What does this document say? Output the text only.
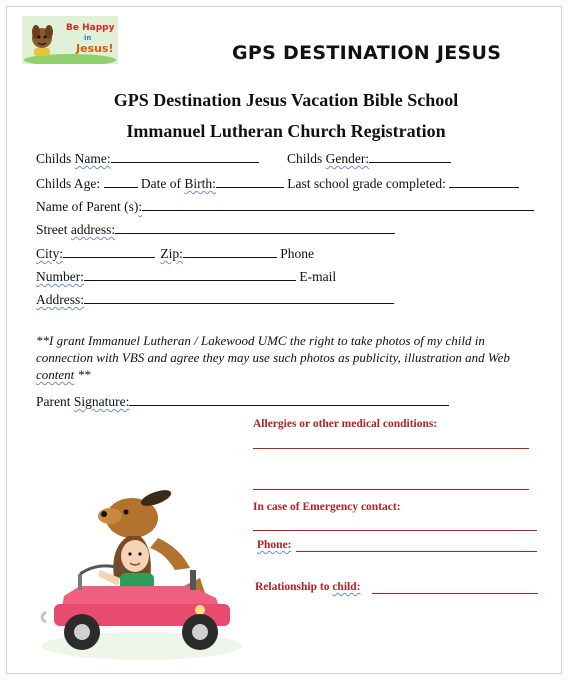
Be Happy
in
Jesus!	GPS DESTINATION JESUS
GPS Destination Jesus Vacation Bible School
Immanuel Lutheran Church Registration
Childs Name:	Childs Gender:
Childs Age:	Date of Birth:	Last school grade completed:
Name of Parent (s):
Street address:
City:	Zip:	Phone
Number:	E-mail
Address:
**I grant Immanuel Lutheran / Lakewood UMC the right to take photos of my child in connection with VBS and agree they may use such photos as publicity, illustration and Web content **
Parent Signature:
Allergies or other medical conditions:
In case of Emergency contact:
Phone:
Relationship to child:
